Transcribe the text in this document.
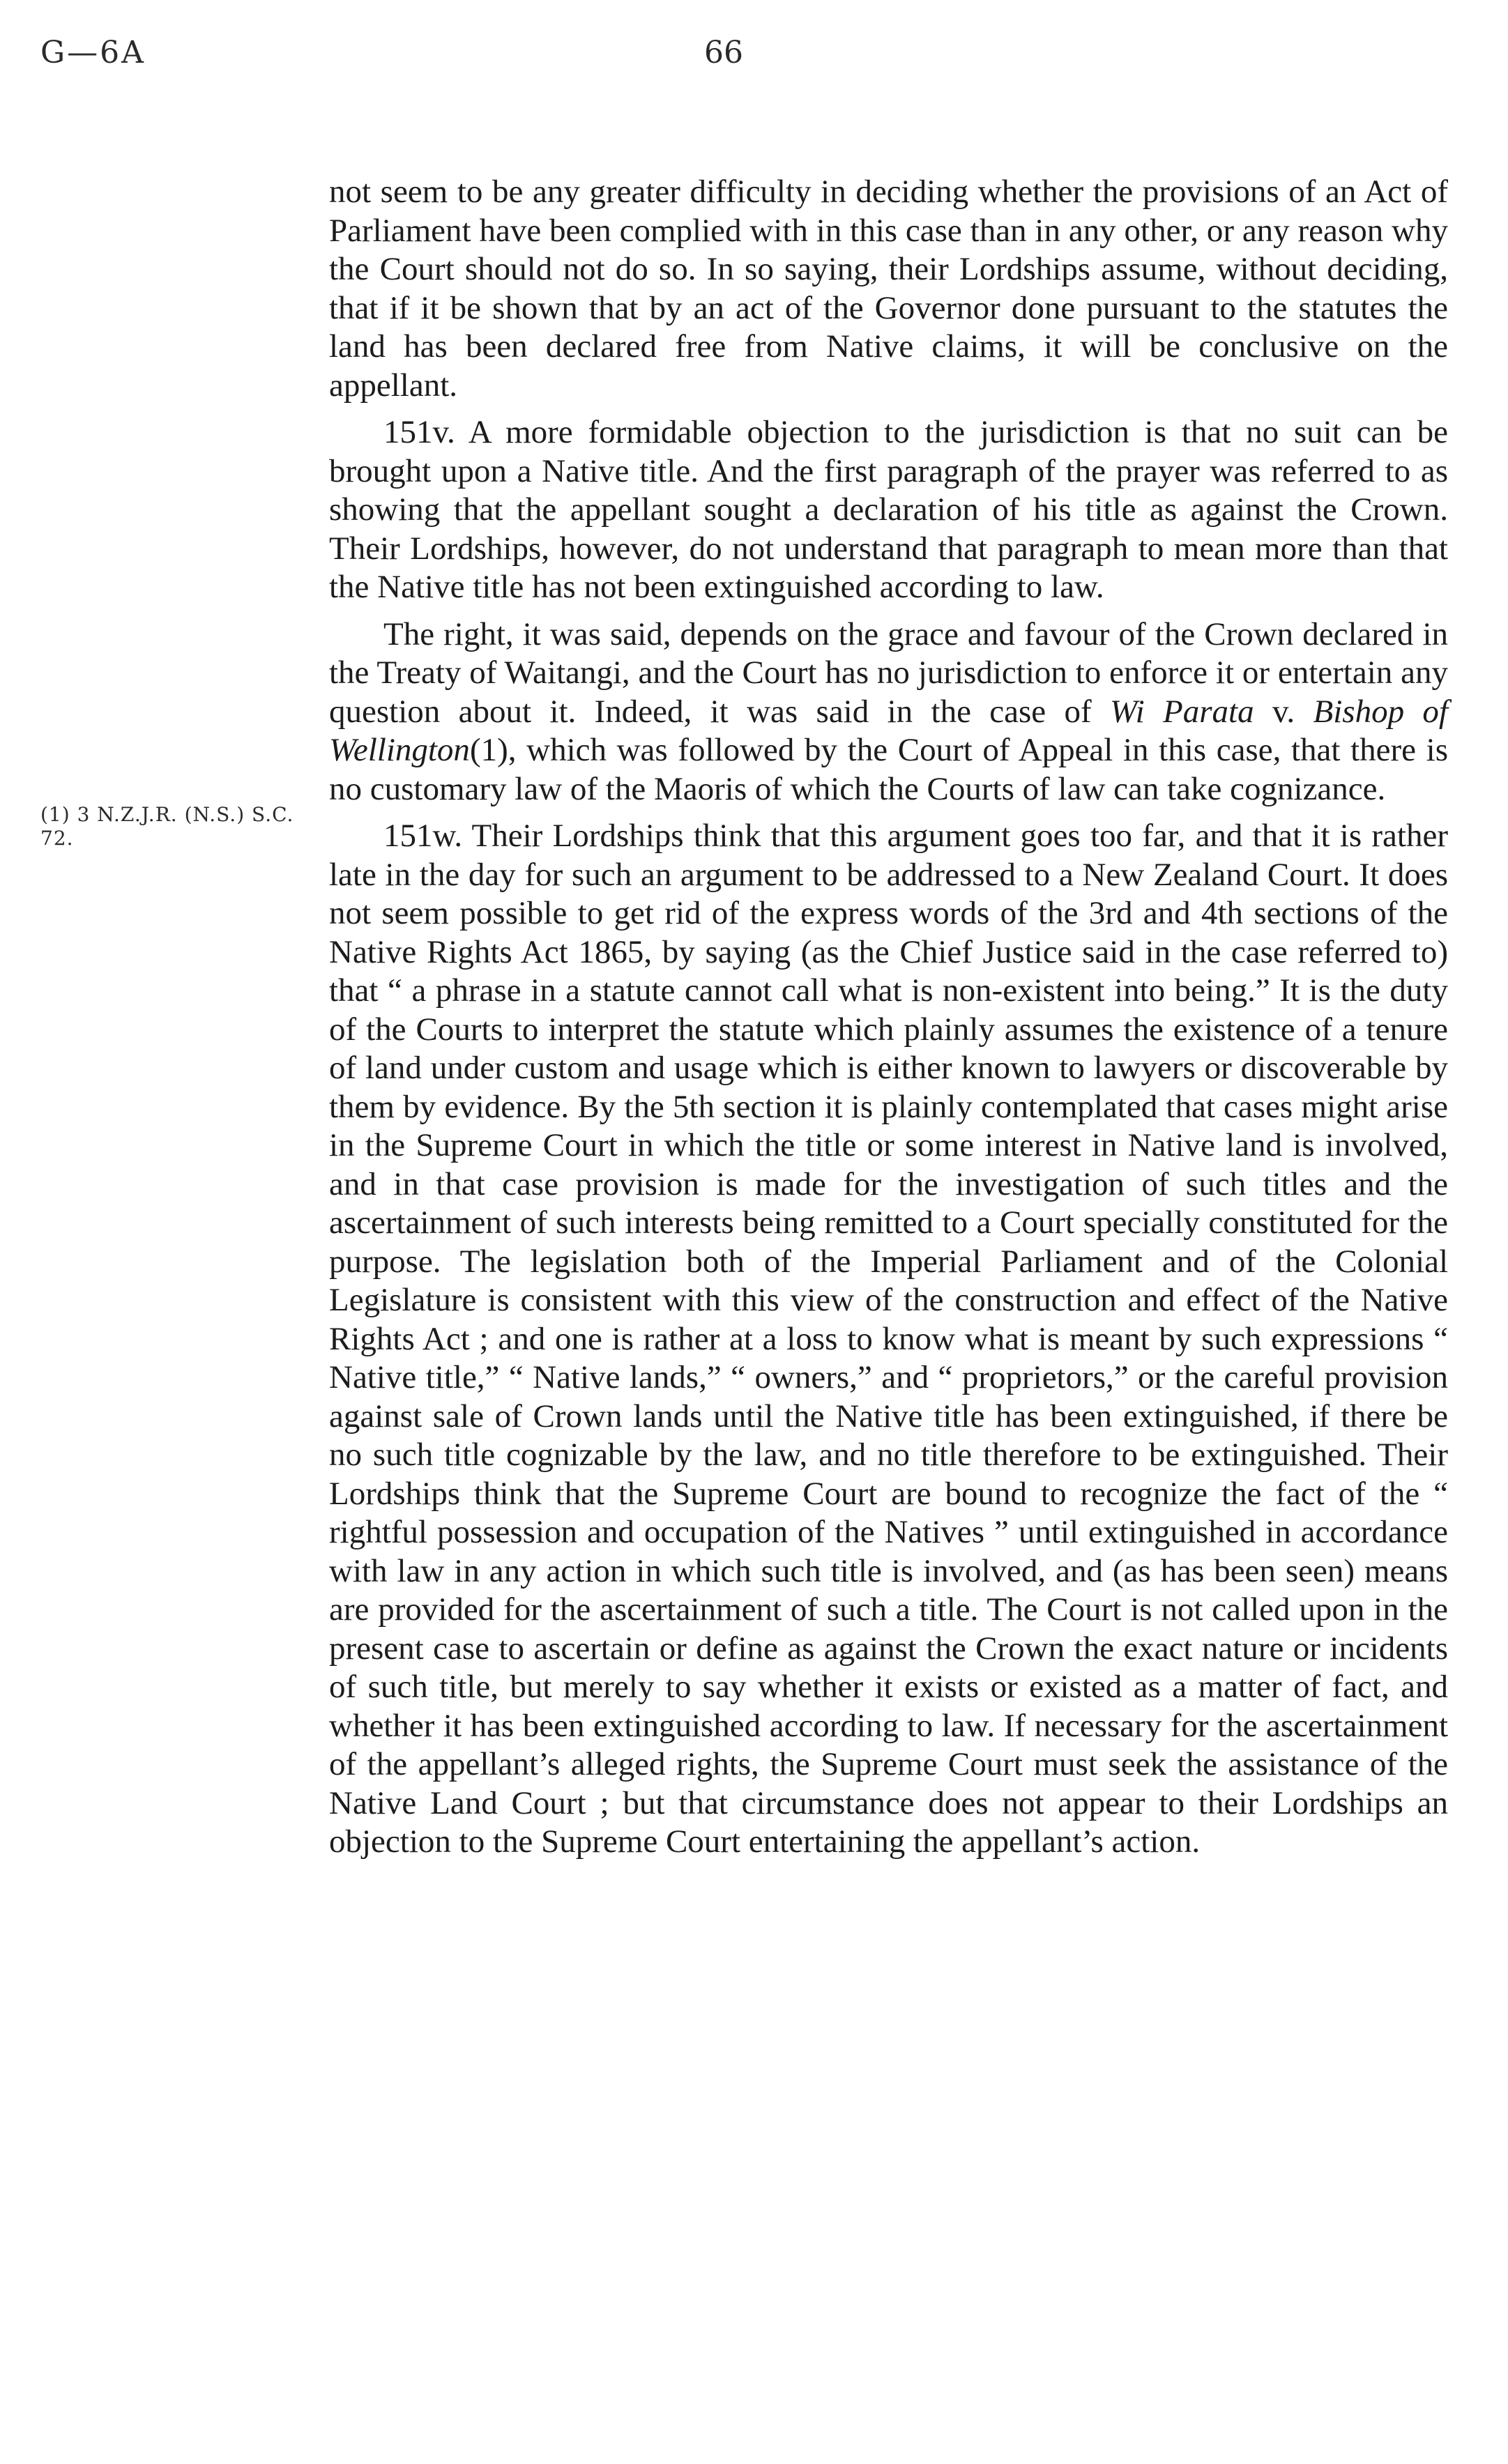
G—6A	66
(1) 3 N.Z.J.R. (N.S.) S.C. 72.

not seem to be any greater difficulty in deciding whether the provisions of an Act of Parliament have been complied with in this case than in any other, or any reason why the Court should not do so. In so saying, their Lordships assume, without deciding, that if it be shown that by an act of the Governor done pursuant to the statutes the land has been declared free from Native claims, it will be conclusive on the appellant.

151v. A more formidable objection to the jurisdiction is that no suit can be brought upon a Native title. And the first paragraph of the prayer was referred to as showing that the appellant sought a declaration of his title as against the Crown. Their Lordships, however, do not understand that paragraph to mean more than that the Native title has not been extinguished according to law.

The right, it was said, depends on the grace and favour of the Crown declared in the Treaty of Waitangi, and the Court has no jurisdiction to enforce it or entertain any question about it. Indeed, it was said in the case of Wi Parata v. Bishop of Wellington(1), which was followed by the Court of Appeal in this case, that there is no customary law of the Maoris of which the Courts of law can take cognizance.

151w. Their Lordships think that this argument goes too far, and that it is rather late in the day for such an argument to be addressed to a New Zealand Court. It does not seem possible to get rid of the express words of the 3rd and 4th sections of the Native Rights Act 1865, by saying (as the Chief Justice said in the case referred to) that “ a phrase in a statute cannot call what is non-existent into being.” It is the duty of the Courts to interpret the statute which plainly assumes the existence of a tenure of land under custom and usage which is either known to lawyers or discoverable by them by evidence. By the 5th section it is plainly contemplated that cases might arise in the Supreme Court in which the title or some interest in Native land is involved, and in that case provision is made for the investigation of such titles and the ascertainment of such interests being remitted to a Court specially constituted for the purpose. The legislation both of the Imperial Parliament and of the Colonial Legislature is consistent with this view of the construction and effect of the Native Rights Act ; and one is rather at a loss to know what is meant by such expressions “ Native title,” “ Native lands,” “ owners,” and “ proprietors,” or the careful provision against sale of Crown lands until the Native title has been extinguished, if there be no such title cognizable by the law, and no title therefore to be extinguished. Their Lordships think that the Supreme Court are bound to recognize the fact of the “ rightful possession and occupation of the Natives ” until extinguished in accordance with law in any action in which such title is involved, and (as has been seen) means are provided for the ascertainment of such a title. The Court is not called upon in the present case to ascertain or define as against the Crown the exact nature or incidents of such title, but merely to say whether it exists or existed as a matter of fact, and whether it has been extinguished according to law. If necessary for the ascertainment of the appellant’s alleged rights, the Supreme Court must seek the assistance of the Native Land Court ; but that circumstance does not appear to their Lordships an objection to the Supreme Court entertaining the appellant’s action.
